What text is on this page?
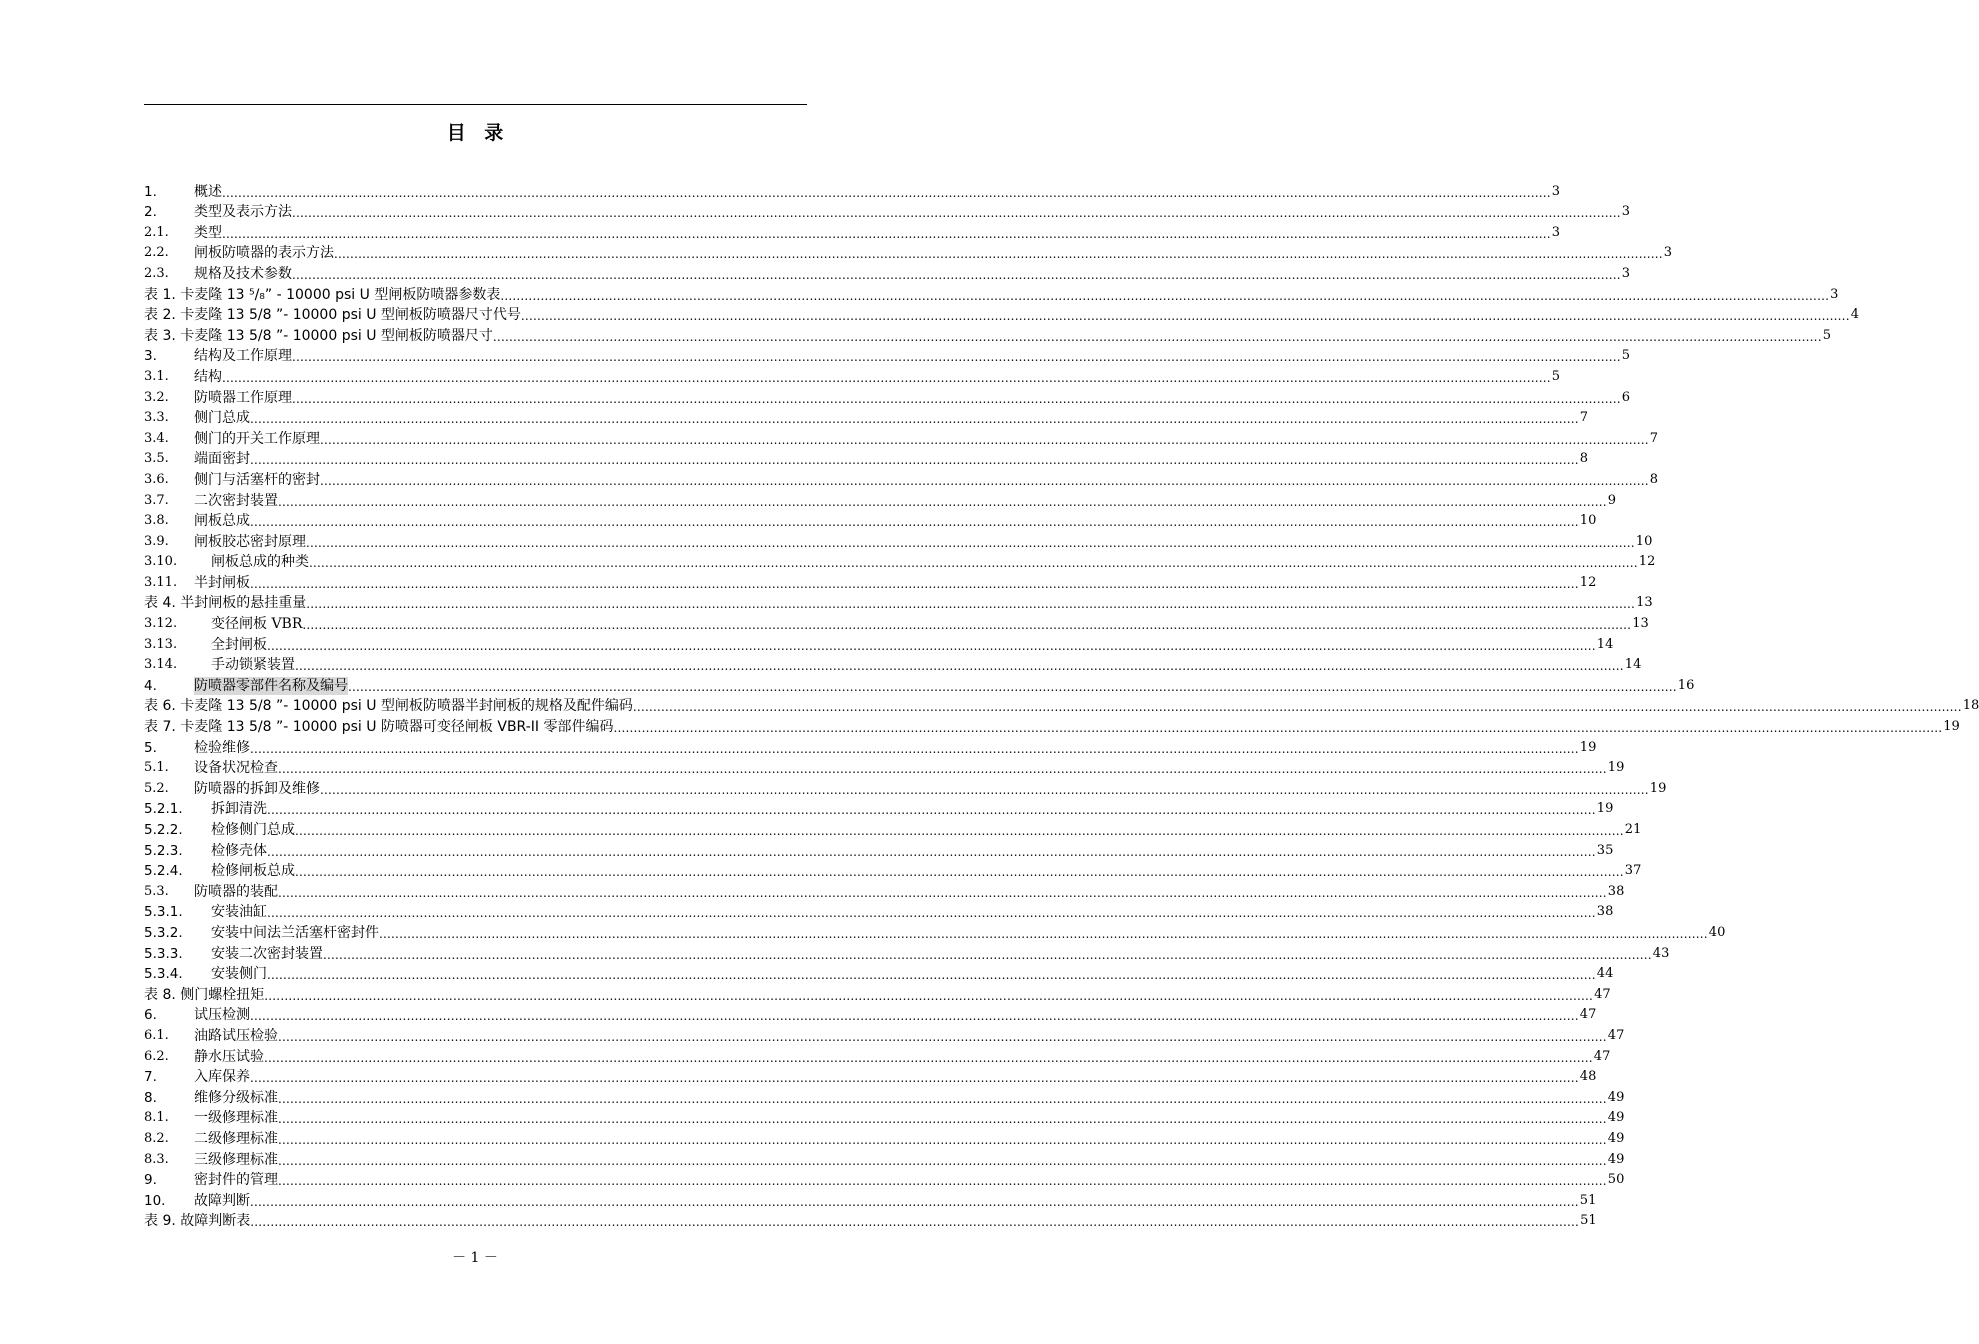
目 录
1.	概述 .....	3
2.	类型及表示方法 .....	3
2.1.	类型 .....	3
2.2.	闸板防喷器的表示方法 .....	3
2.3.	规格及技术参数 .....	3
表 1. 卡麦隆 13 ⁵/₈” - 10000 psi U 型闸板防喷器参数表 .....	3
表 2. 卡麦隆 13 5/8 ”- 10000 psi U 型闸板防喷器尺寸代号 .....	4
表 3. 卡麦隆 13 5/8 ”- 10000 psi U 型闸板防喷器尺寸 .....	5
3.	结构及工作原理 .....	5
3.1.	结构 .....	5
3.2.	防喷器工作原理 .....	6
3.3.	侧门总成 .....	7
3.4.	侧门的开关工作原理 .....	7
3.5.	端面密封 .....	8
3.6.	侧门与活塞杆的密封 .....	8
3.7.	二次密封装置 .....	9
3.8.	闸板总成 .....	10
3.9.	闸板胶芯密封原理 .....	10
3.10.	闸板总成的种类 .....	12
3.11.	半封闸板 .....	12
表 4. 半封闸板的悬挂重量 .....	13
3.12.	变径闸板 VBR .....	13
3.13.	全封闸板 .....	14
3.14.	手动锁紧装置 .....	14
4.	防喷器零部件名称及编号 .....	16
表 6. 卡麦隆 13 5/8 ”- 10000 psi U 型闸板防喷器半封闸板的规格及配件编码 .....	18
表 7. 卡麦隆 13 5/8 ”- 10000 psi U 防喷器可变径闸板 VBR-II 零部件编码 .....	19
5.	检验维修 .....	19
5.1.	设备状况检查 .....	19
5.2.	防喷器的拆卸及维修 .....	19
5.2.1.	拆卸清洗 .....	19
5.2.2.	检修侧门总成 .....	21
5.2.3.	检修壳体 .....	35
5.2.4.	检修闸板总成 .....	37
5.3.	防喷器的装配 .....	38
5.3.1.	安装油缸 .....	38
5.3.2.	安装中间法兰活塞杆密封件 .....	40
5.3.3.	安装二次密封装置 .....	43
5.3.4.	安装侧门 .....	44
表 8. 侧门螺栓扭矩 .....	47
6.	试压检测 .....	47
6.1.	油路试压检验 .....	47
6.2.	静水压试验 .....	47
7.	入库保养 .....	48
8.	维修分级标准 .....	49
8.1.	一级修理标准 .....	49
8.2.	二级修理标准 .....	49
8.3.	三级修理标准 .....	49
9.	密封件的管理 .....	50
10.	故障判断 .....	51
表 9. 故障判断表 .....	51
－ 1 －
